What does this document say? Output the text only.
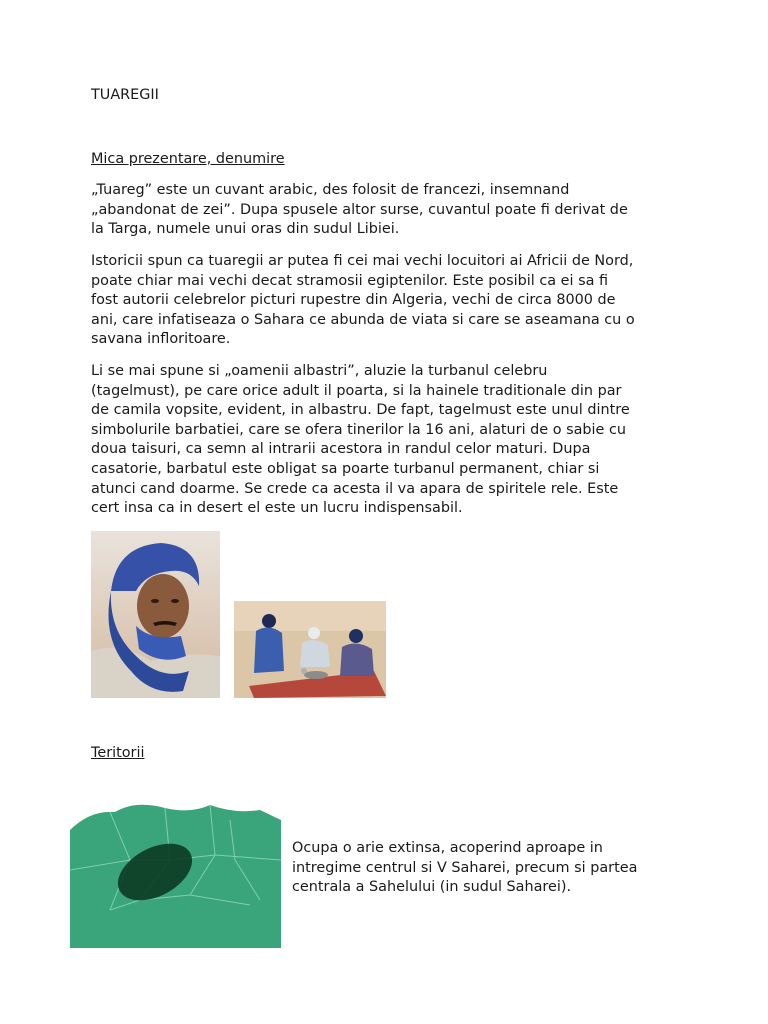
TUAREGII
Mica prezentare, denumire
„Tuareg” este un cuvant arabic, des folosit de francezi, insemnand
„abandonat de zei”. Dupa spusele altor surse, cuvantul poate fi derivat de
la Targa, numele unui oras din sudul Libiei.
Istoricii spun ca tuaregii ar putea fi cei mai vechi locuitori ai Africii de Nord,
poate chiar mai vechi decat stramosii egiptenilor. Este posibil ca ei sa fi
fost autorii celebrelor picturi rupestre din Algeria, vechi de circa 8000 de
ani, care infatiseaza o Sahara ce abunda de viata si care se aseamana cu o
savana infloritoare.
Li se mai spune si „oamenii albastri”, aluzie la turbanul celebru
(tagelmust), pe care orice adult il poarta, si la hainele traditionale din par
de camila vopsite, evident, in albastru. De fapt, tagelmust este unul dintre
simbolurile barbatiei, care se ofera tinerilor la 16 ani, alaturi de o sabie cu
doua taisuri, ca semn al intrarii acestora in randul celor maturi. Dupa
casatorie, barbatul este obligat sa poarte turbanul permanent, chiar si
atunci cand doarme. Se crede ca acesta il va apara de spiritele rele. Este
cert insa ca in desert el este un lucru indispensabil.
Teritorii
Ocupa o arie extinsa, acoperind aproape in
intregime centrul si V Saharei, precum si partea
centrala a Sahelului (in sudul Saharei).
